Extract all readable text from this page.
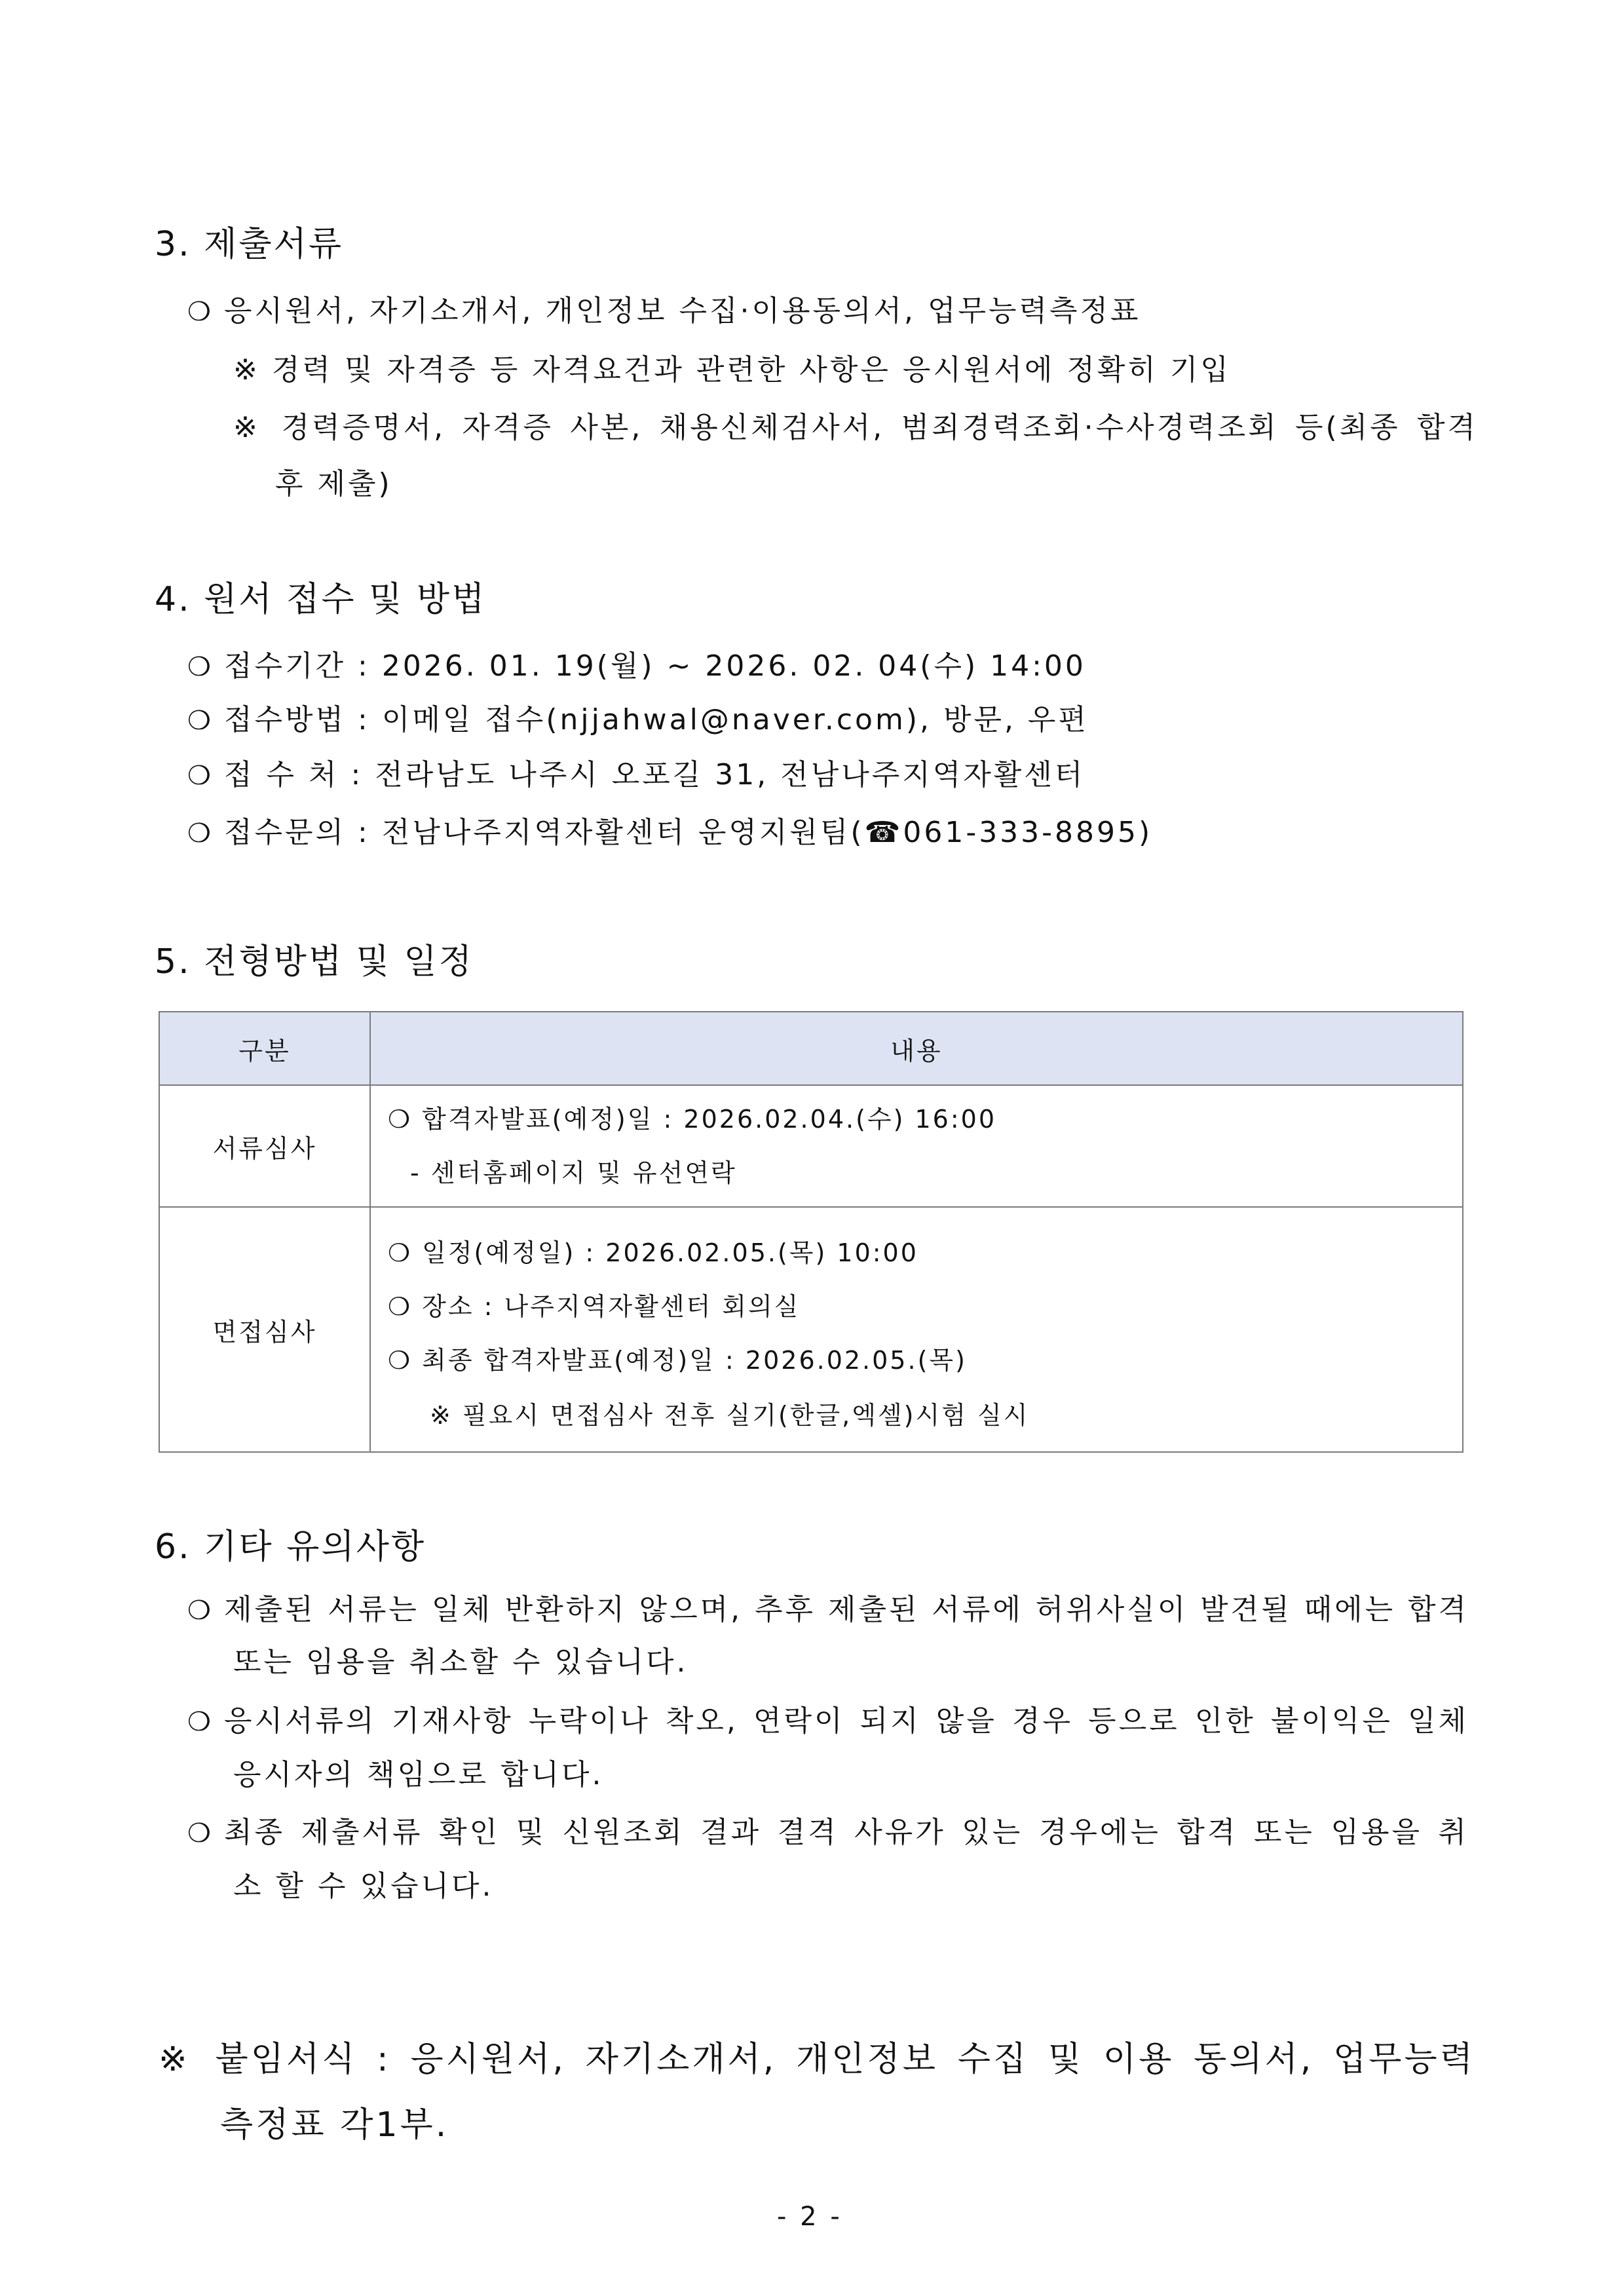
3. 제출서류
❍ 응시원서, 자기소개서, 개인정보 수집·이용동의서, 업무능력측정표
※ 경력 및 자격증 등 자격요건과 관련한 사항은 응시원서에 정확히 기입
※ 경력증명서, 자격증 사본, 채용신체검사서, 범죄경력조회·수사경력조회 등(최종 합격
후 제출)
4. 원서 접수 및 방법
❍ 접수기간 : 2026. 01. 19(월) ~ 2026. 02. 04(수) 14:00
❍ 접수방법 : 이메일 접수(njjahwal@naver.com), 방문, 우편
❍ 접 수 처 : 전라남도 나주시 오포길 31, 전남나주지역자활센터
❍ 접수문의 : 전남나주지역자활센터 운영지원팀(☎061-333-8895)
5. 전형방법 및 일정
구분	내용
서류심사	❍ 합격자발표(예정)일 : 2026.02.04.(수) 16:00
- 센터홈페이지 및 유선연락

면접심사	❍ 일정(예정일) : 2026.02.05.(목) 10:00
❍ 장소 : 나주지역자활센터 회의실
❍ 최종 합격자발표(예정)일 : 2026.02.05.(목)
※ 필요시 면접심사 전후 실기(한글,엑셀)시험 실시
6. 기타 유의사항
❍ 제출된 서류는 일체 반환하지 않으며, 추후 제출된 서류에 허위사실이 발견될 때에는 합격
또는 임용을 취소할 수 있습니다.
❍ 응시서류의 기재사항 누락이나 착오, 연락이 되지 않을 경우 등으로 인한 불이익은 일체
응시자의 책임으로 합니다.
❍ 최종 제출서류 확인 및 신원조회 결과 결격 사유가 있는 경우에는 합격 또는 임용을 취
소 할 수 있습니다.
※ 붙임서식 : 응시원서, 자기소개서, 개인정보 수집 및 이용 동의서, 업무능력
측정표 각1부.
- 2 -
